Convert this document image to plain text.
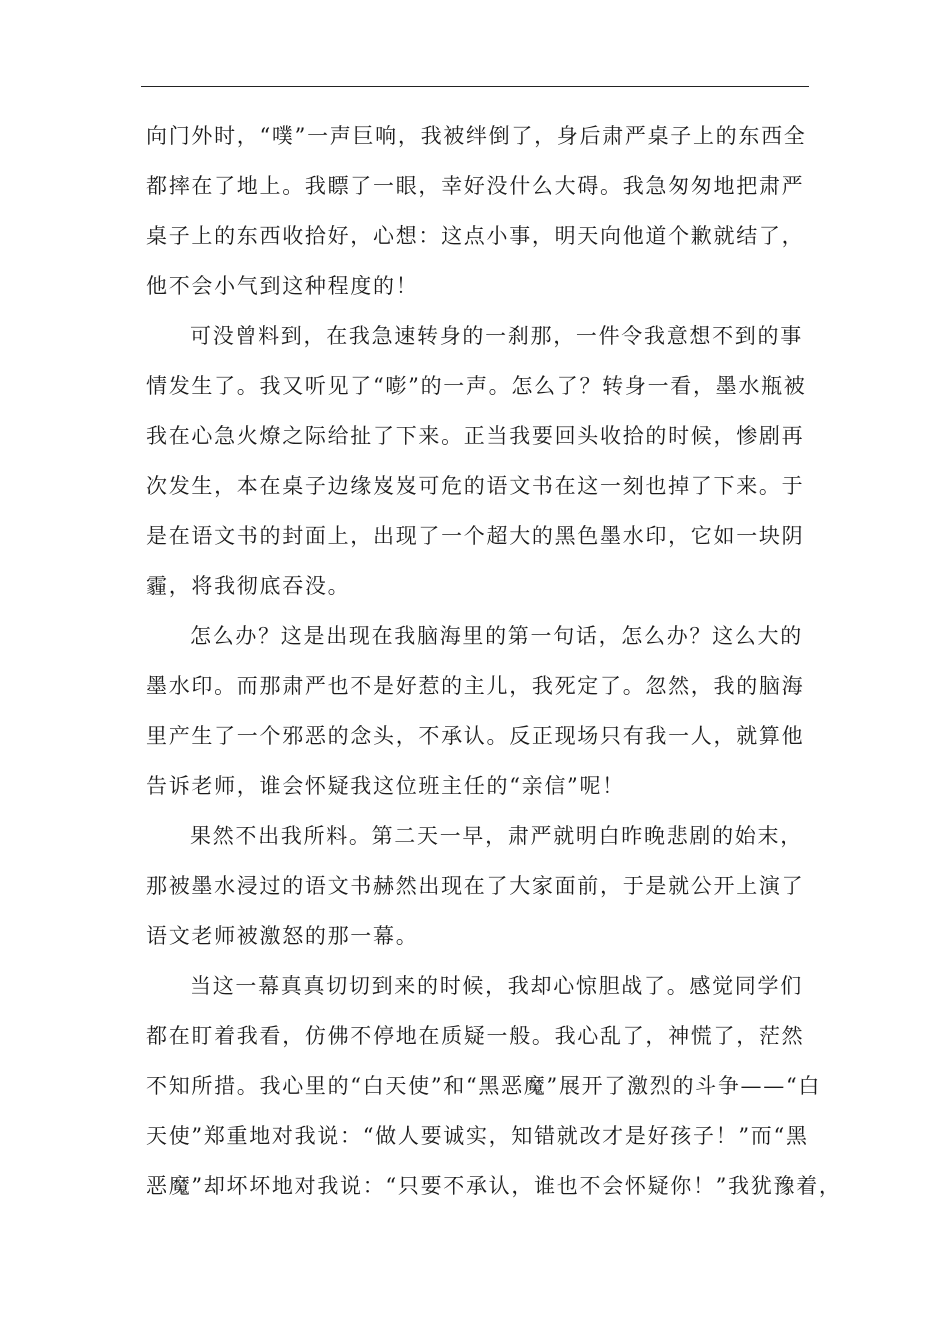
向门外时，“噗”一声巨响，我被绊倒了，身后肃严桌子上的东西全
都摔在了地上。我瞟了一眼，幸好没什么大碍。我急匆匆地把肃严
桌子上的东西收拾好，心想：这点小事，明天向他道个歉就结了，
他不会小气到这种程度的！
可没曾料到，在我急速转身的一刹那，一件令我意想不到的事
情发生了。我又听见了“嘭”的一声。怎么了？转身一看，墨水瓶被
我在心急火燎之际给扯了下来。正当我要回头收拾的时候，惨剧再
次发生，本在桌子边缘岌岌可危的语文书在这一刻也掉了下来。于
是在语文书的封面上，出现了一个超大的黑色墨水印，它如一块阴
霾，将我彻底吞没。
怎么办？这是出现在我脑海里的第一句话，怎么办？这么大的
墨水印。而那肃严也不是好惹的主儿，我死定了。忽然，我的脑海
里产生了一个邪恶的念头，不承认。反正现场只有我一人，就算他
告诉老师，谁会怀疑我这位班主任的“亲信”呢！
果然不出我所料。第二天一早，肃严就明白昨晚悲剧的始末，
那被墨水浸过的语文书赫然出现在了大家面前，于是就公开上演了
语文老师被激怒的那一幕。
当这一幕真真切切到来的时候，我却心惊胆战了。感觉同学们
都在盯着我看，仿佛不停地在质疑一般。我心乱了，神慌了，茫然
不知所措。我心里的“白天使”和“黑恶魔”展开了激烈的斗争——“白
天使”郑重地对我说：“做人要诚实，知错就改才是好孩子！”而“黑
恶魔”却坏坏地对我说：“只要不承认，谁也不会怀疑你！”我犹豫着，
